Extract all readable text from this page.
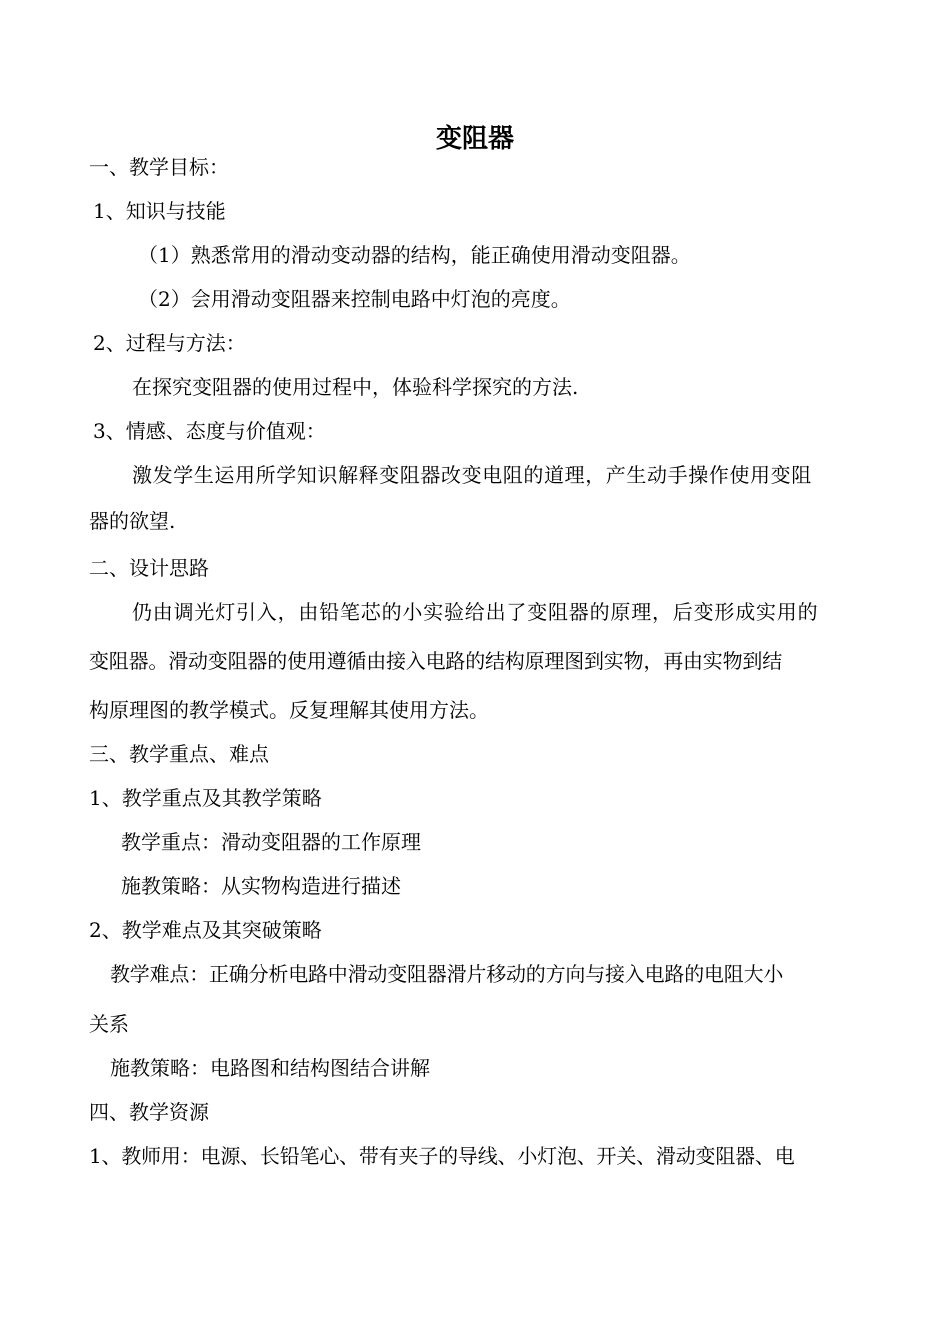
变阻器
一、教学目标：
1、知识与技能
（1）熟悉常用的滑动变动器的结构，能正确使用滑动变阻器。
（2）会用滑动变阻器来控制电路中灯泡的亮度。
2、过程与方法：
在探究变阻器的使用过程中，体验科学探究的方法.
3、情感、态度与价值观：
激发学生运用所学知识解释变阻器改变电阻的道理，产生动手操作使用变阻
器的欲望.
二、设计思路
仍由调光灯引入，由铅笔芯的小实验给出了变阻器的原理，后变形成实用的
变阻器。滑动变阻器的使用遵循由接入电路的结构原理图到实物，再由实物到结
构原理图的教学模式。反复理解其使用方法。
三、教学重点、难点
1、教学重点及其教学策略
教学重点：滑动变阻器的工作原理
施教策略：从实物构造进行描述
2、教学难点及其突破策略
教学难点：正确分析电路中滑动变阻器滑片移动的方向与接入电路的电阻大小
关系
施教策略：电路图和结构图结合讲解
四、教学资源
1、教师用：电源、长铅笔心、带有夹子的导线、小灯泡、开关、滑动变阻器、电
